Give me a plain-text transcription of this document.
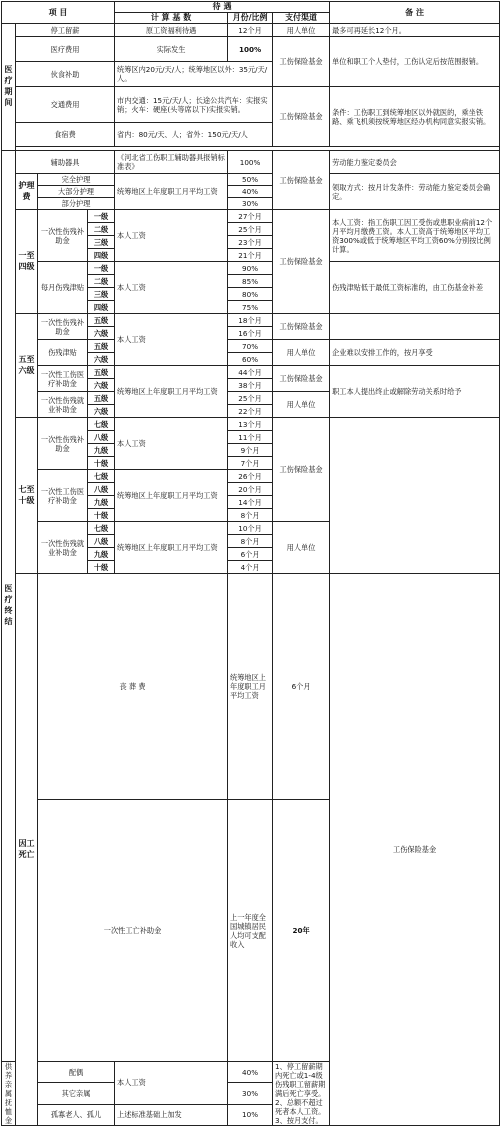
项 目				待 遇			备 注	
				计 算 基 数	月份/比例	支付渠道		
医疗期间	停工留薪			原工资福利待遇	12个月	用人单位	最多可再延长12个月。	
	医疗费用			实际发生	100%	工伤保险基金	单位和职工个人垫付，工伤认定后按范围报销。	
	伙食补助			统筹区内20元/天/人；统筹地区以外：35元/天/人。				
	交通费用			市内交通：15元/天/人；长途公共汽车：实报实销；火车：硬座(头等席以下)实报实销。		工伤保险基金	条件：工伤职工到统筹地区以外就医的，乘坐铁路、乘飞机须按统筹地区经办机构同意实报实销。	
	食宿费			省内：80元/天、人；省外：150元/天/人				

医疗终结	辅助器具			《河北省工伤职工辅助器具报销标准表》	100%	工伤保险基金	劳动能力鉴定委员会	
	护理费	完全护理		统筹地区上年度职工月平均工资	50%		领取方式：按月计发条件：劳动能力鉴定委员会确定。	
		大部分护理			40%			
		部分护理			30%			
	一至四级	一次性伤残补助金	一级	本人工资	27个月	工伤保险基金	本人工资：指工伤职工因工受伤或患职业病前12个月平均月缴费工资。本人工资高于统筹地区平均工资300%或低于统筹地区平均工资60%分别按比例计算。	
			二级		25个月			
			三级		23个月			
			四级		21个月			
		每月伤残津贴	一级	本人工资	90%		伤残津贴低于最低工资标准的，由工伤基金补差	
			二级		85%			
			三级		80%			
			四级		75%			
	五至六级	一次性伤残补助金	五级	本人工资	18个月	工伤保险基金		
			六级		16个月			
		伤残津贴	五级		70%	用人单位	企业难以安排工作的，按月享受	
			六级		60%			
		一次性工伤医疗补助金	五级	统筹地区上年度职工月平均工资	44个月	工伤保险基金	职工本人提出终止或解除劳动关系时给予	
			六级		38个月			
		一次性伤残就业补助金	五级		25个月	用人单位		
			六级		22个月			
	七至十级	一次性伤残补助金	七级	本人工资	13个月	工伤保险基金		
			八级		11个月			
			九级		9个月			
			十级		7个月			
		一次性工伤医疗补助金	七级	统筹地区上年度职工月平均工资	26个月			
			八级		20个月			
			九级		14个月			
			十级		8个月			
		一次性伤残就业补助金	七级	统筹地区上年度职工月平均工资	10个月	用人单位		
			八级		8个月			
			九级		6个月			
			十级		4个月			
	因工死亡	丧 葬 费			统筹地区上年度职工月平均工资	6个月	工伤保险基金	
		一次性工亡补助金			上一年度全国城镇居民人均可支配收入	20年	
供养亲属抚恤金		配偶		本人工资	40%	1、停工留薪期内死亡或1-4级伤残职工留薪期满后死亡享受。2、总额不超过死者本人工资。3、按月支付。		
		其它亲属			30%			
		孤寡老人、孤儿		上述标准基础上加发	10%			
